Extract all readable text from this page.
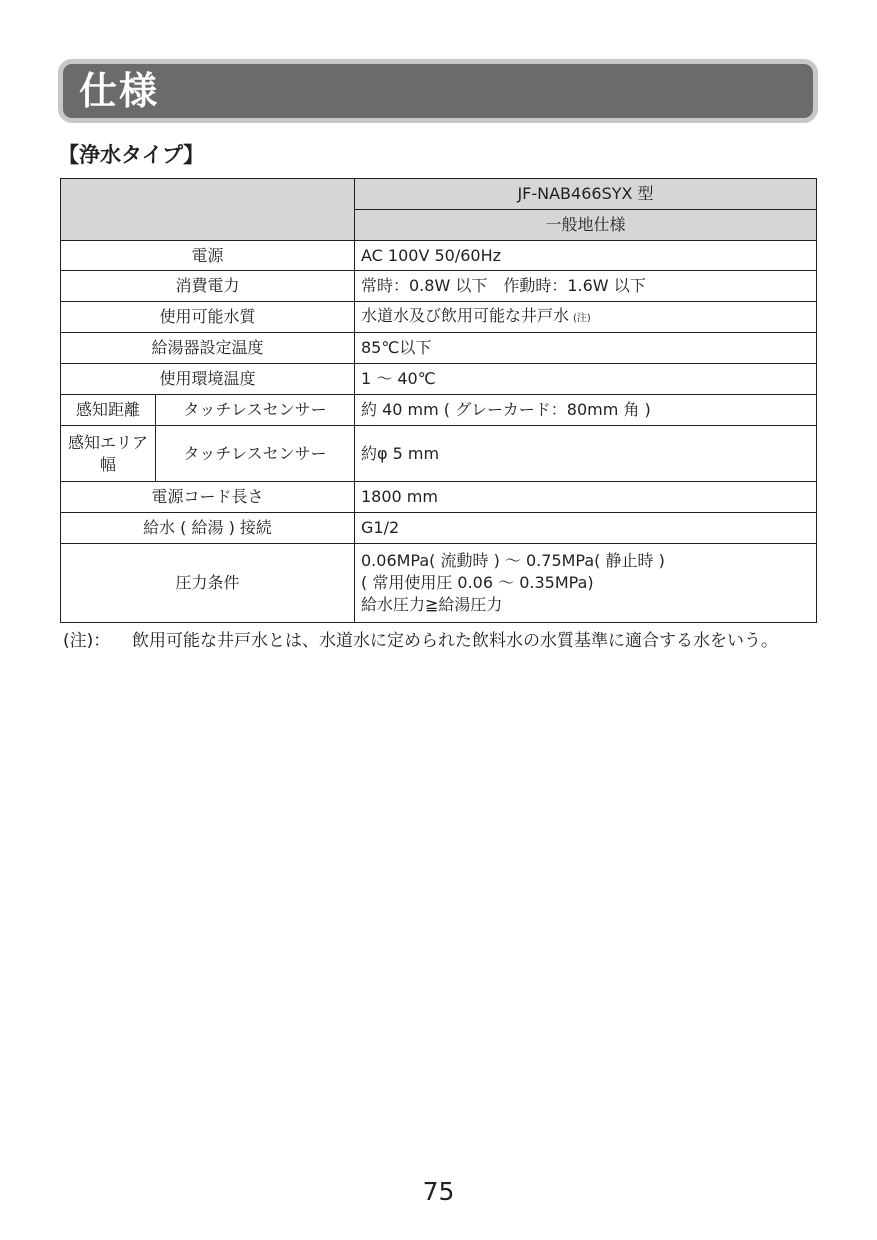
仕様
【浄水タイプ】
		JF-NAB466SYX 型
		一般地仕様
電源		AC 100V 50/60Hz
消費電力		常時：0.8W 以下　作動時：1.6W 以下
使用可能水質		水道水及び飲用可能な井戸水 (注)
給湯器設定温度		85℃以下
使用環境温度		1 ～ 40℃
感知距離	タッチレスセンサー	約 40 mm ( グレーカード：80mm 角 )
感知エリア幅	タッチレスセンサー	約φ 5 mm
電源コード長さ		1800 mm
給水 ( 給湯 ) 接続		G1/2
圧力条件		0.06MPa( 流動時 ) ～ 0.75MPa( 静止時 )
( 常用使用圧 0.06 ～ 0.35MPa)
給水圧力≧給湯圧力
(注)： 飲用可能な井戸水とは、水道水に定められた飲料水の水質基準に適合する水をいう。
75
